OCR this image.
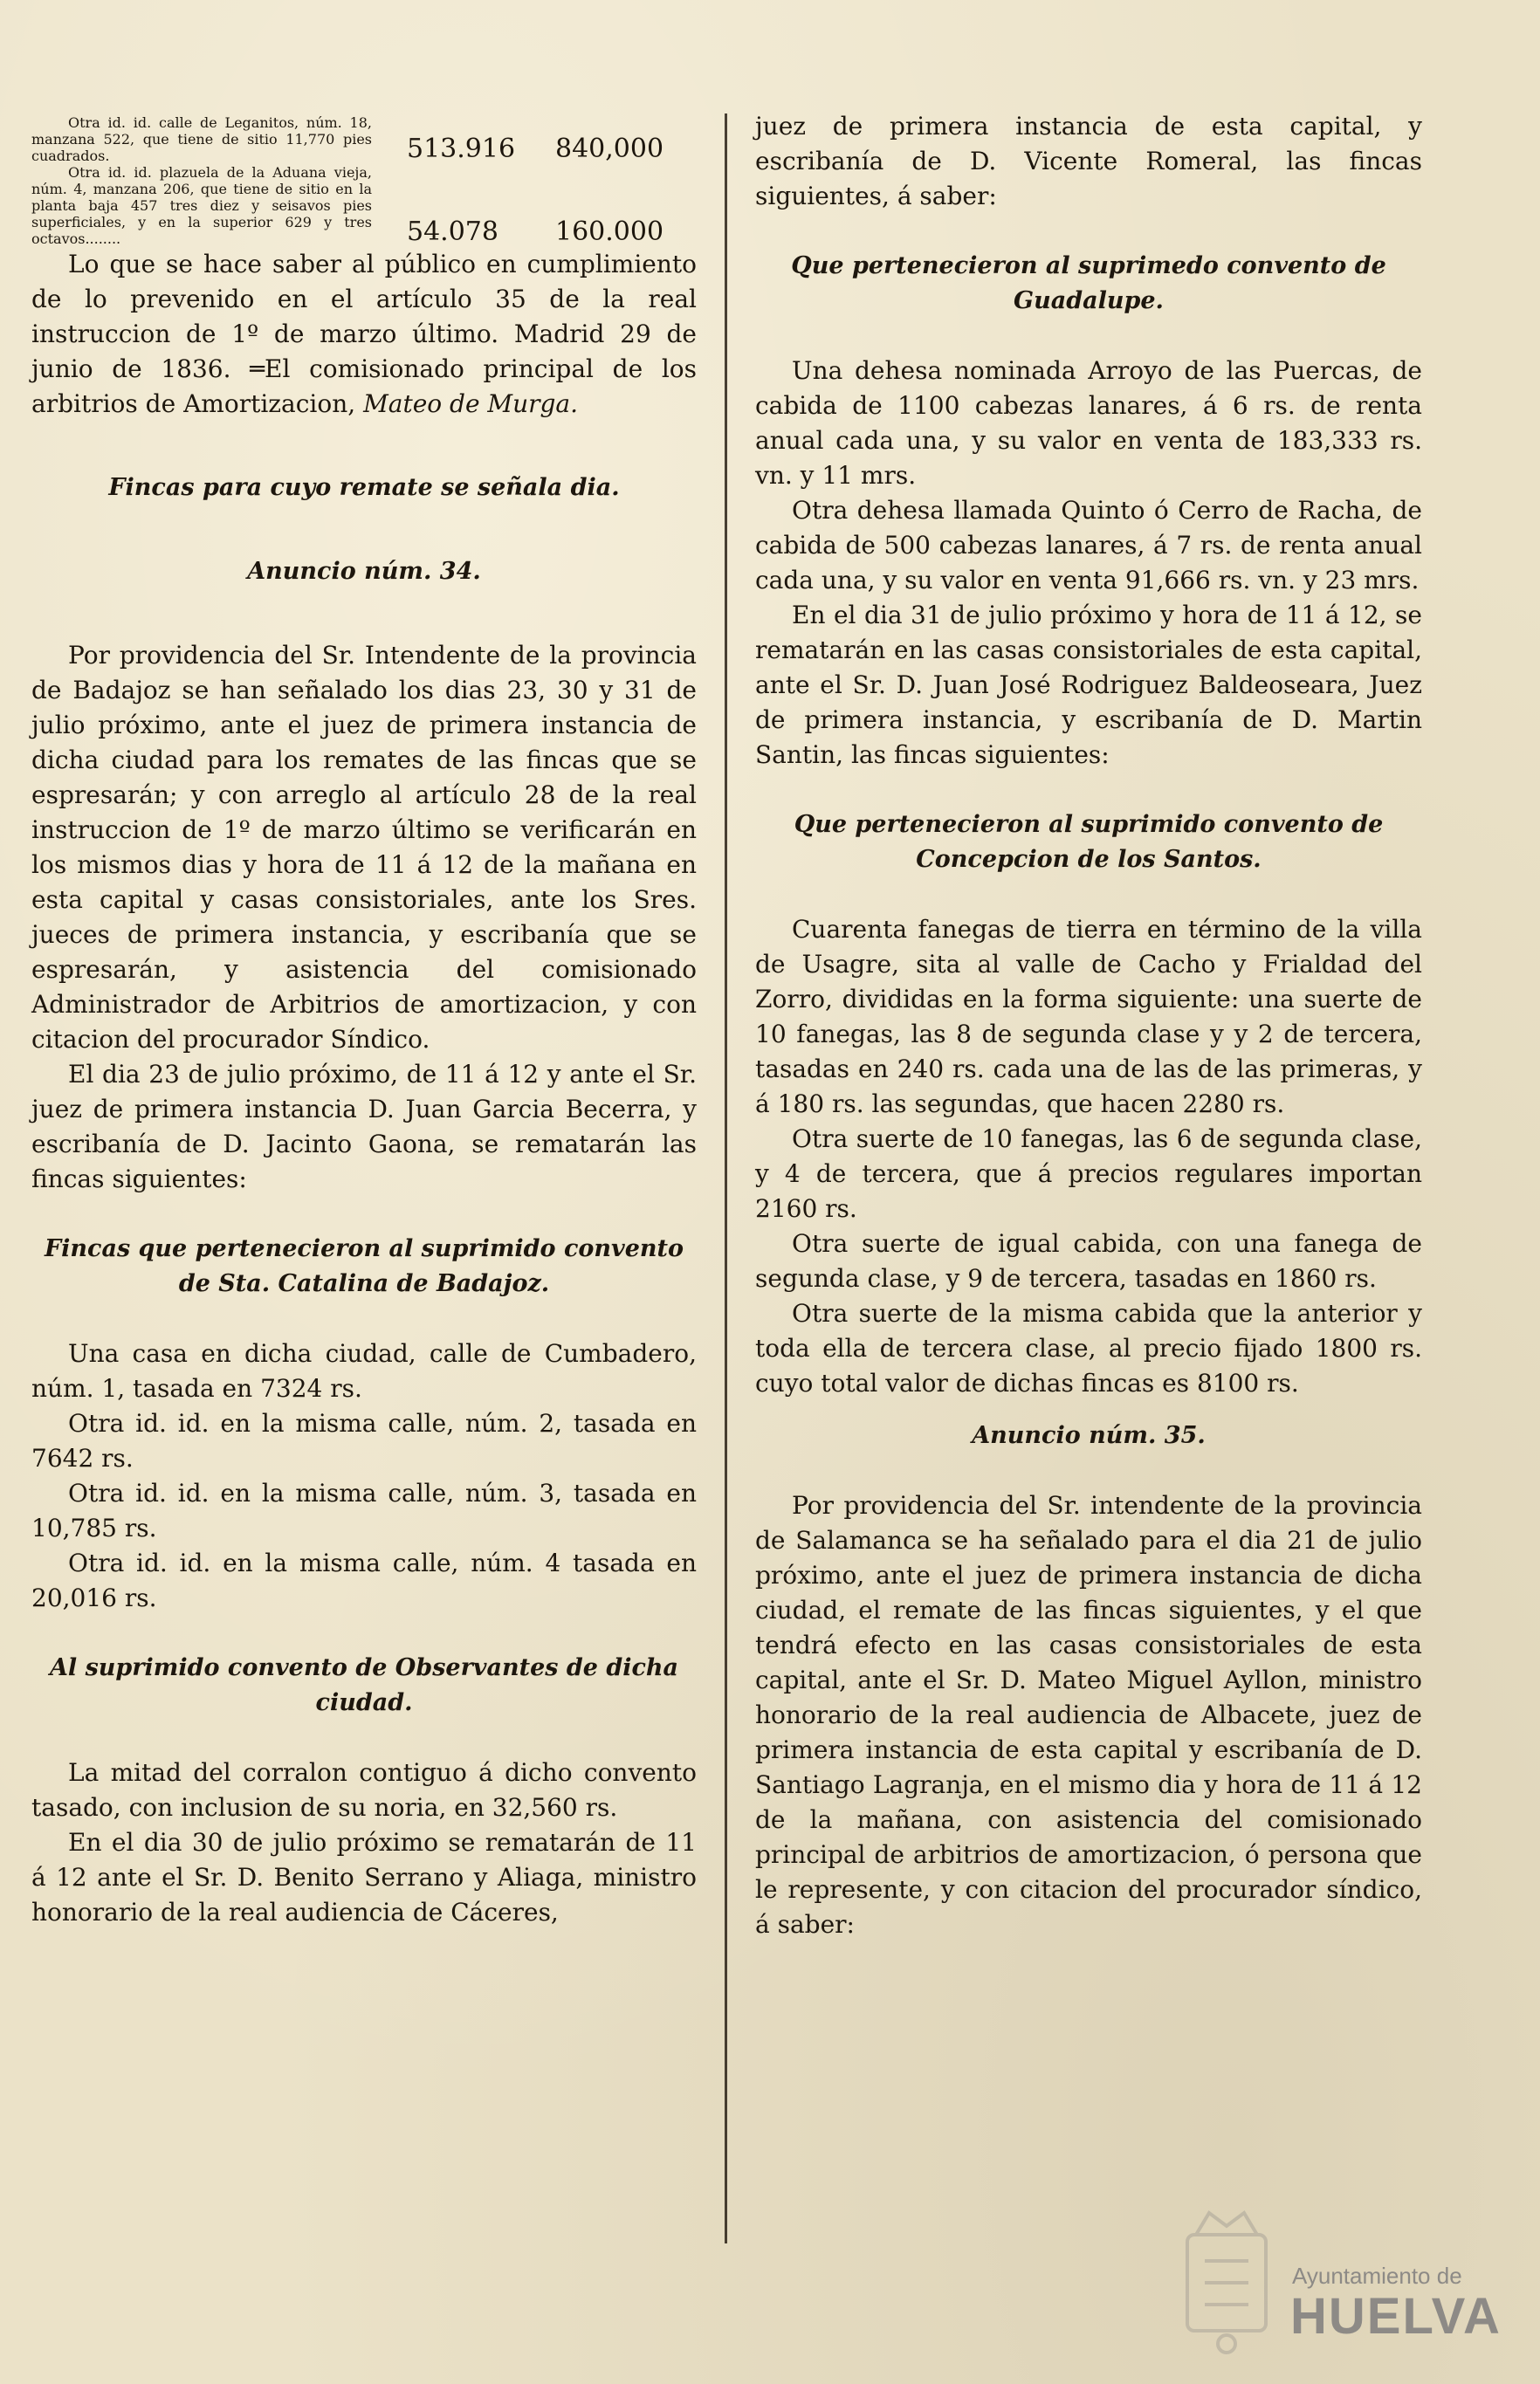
Otra id. id. calle de Leganitos, núm. 18, manzana 522, que tiene de sitio 11,770 pies cuadrados.	513.916 840,000
Otra id. id. plazuela de la Aduana vieja, núm. 4, manzana 206, que tiene de sitio en la planta baja 457 tres diez y seisavos pies superficiales, y en la superior 629 y tres octavos........	54.078 160.000

Lo que se hace saber al público en cumplimiento de lo prevenido en el artículo 35 de la real instruccion de 1º de marzo último. Madrid 29 de junio de 1836. ═El comisionado principal de los arbitrios de Amortizacion, Mateo de Murga.

Fincas para cuyo remate se señala dia.

Anuncio núm. 34.

Por providencia del Sr. Intendente de la provincia de Badajoz se han señalado los dias 23, 30 y 31 de julio próximo, ante el juez de primera instancia de dicha ciudad para los remates de las fincas que se espresarán; y con arreglo al artículo 28 de la real instruccion de 1º de marzo último se verificarán en los mismos dias y hora de 11 á 12 de la mañana en esta capital y casas consistoriales, ante los Sres. jueces de primera instancia, y escribanía que se espresarán, y asistencia del comisionado Administrador de Arbitrios de amortizacion, y con citacion del procurador Síndico.

El dia 23 de julio próximo, de 11 á 12 y ante el Sr. juez de primera instancia D. Juan Garcia Becerra, y escribanía de D. Jacinto Gaona, se rematarán las fincas siguientes:

Fincas que pertenecieron al suprimido convento de Sta. Catalina de Badajoz.

Una casa en dicha ciudad, calle de Cumbadero, núm. 1, tasada en 7324 rs.

Otra id. id. en la misma calle, núm. 2, tasada en 7642 rs.

Otra id. id. en la misma calle, núm. 3, tasada en 10,785 rs.

Otra id. id. en la misma calle, núm. 4 tasada en 20,016 rs.

Al suprimido convento de Observantes de dicha ciudad.

La mitad del corralon contiguo á dicho convento tasado, con inclusion de su noria, en 32,560 rs.

En el dia 30 de julio próximo se rematarán de 11 á 12 ante el Sr. D. Benito Serrano y Aliaga, ministro honorario de la real audiencia de Cáceres,

juez de primera instancia de esta capital, y escribanía de D. Vicente Romeral, las fincas siguientes, á saber:

Que pertenecieron al suprimedo convento de Guadalupe.

Una dehesa nominada Arroyo de las Puercas, de cabida de 1100 cabezas lanares, á 6 rs. de renta anual cada una, y su valor en venta de 183,333 rs. vn. y 11 mrs.

Otra dehesa llamada Quinto ó Cerro de Racha, de cabida de 500 cabezas lanares, á 7 rs. de renta anual cada una, y su valor en venta 91,666 rs. vn. y 23 mrs.

En el dia 31 de julio próximo y hora de 11 á 12, se rematarán en las casas consistoriales de esta capital, ante el Sr. D. Juan José Rodriguez Baldeoseara, Juez de primera instancia, y escribanía de D. Martin Santin, las fincas siguientes:

Que pertenecieron al suprimido convento de Concepcion de los Santos.

Cuarenta fanegas de tierra en término de la villa de Usagre, sita al valle de Cacho y Frialdad del Zorro, divididas en la forma siguiente: una suerte de 10 fanegas, las 8 de segunda clase y y 2 de tercera, tasadas en 240 rs. cada una de las de las primeras, y á 180 rs. las segundas, que hacen 2280 rs.

Otra suerte de 10 fanegas, las 6 de segunda clase, y 4 de tercera, que á precios regulares importan 2160 rs.

Otra suerte de igual cabida, con una fanega de segunda clase, y 9 de tercera, tasadas en 1860 rs.

Otra suerte de la misma cabida que la anterior y toda ella de tercera clase, al precio fijado 1800 rs. cuyo total valor de dichas fincas es 8100 rs.

Anuncio núm. 35.

Por providencia del Sr. intendente de la provincia de Salamanca se ha señalado para el dia 21 de julio próximo, ante el juez de primera instancia de dicha ciudad, el remate de las fincas siguientes, y el que tendrá efecto en las casas consistoriales de esta capital, ante el Sr. D. Mateo Miguel Ayllon, ministro honorario de la real audiencia de Albacete, juez de primera instancia de esta capital y escribanía de D. Santiago Lagranja, en el mismo dia y hora de 11 á 12 de la mañana, con asistencia del comisionado principal de arbitrios de amortizacion, ó persona que le represente, y con citacion del procurador síndico, á saber:

Ayuntamiento de
HUELVA
